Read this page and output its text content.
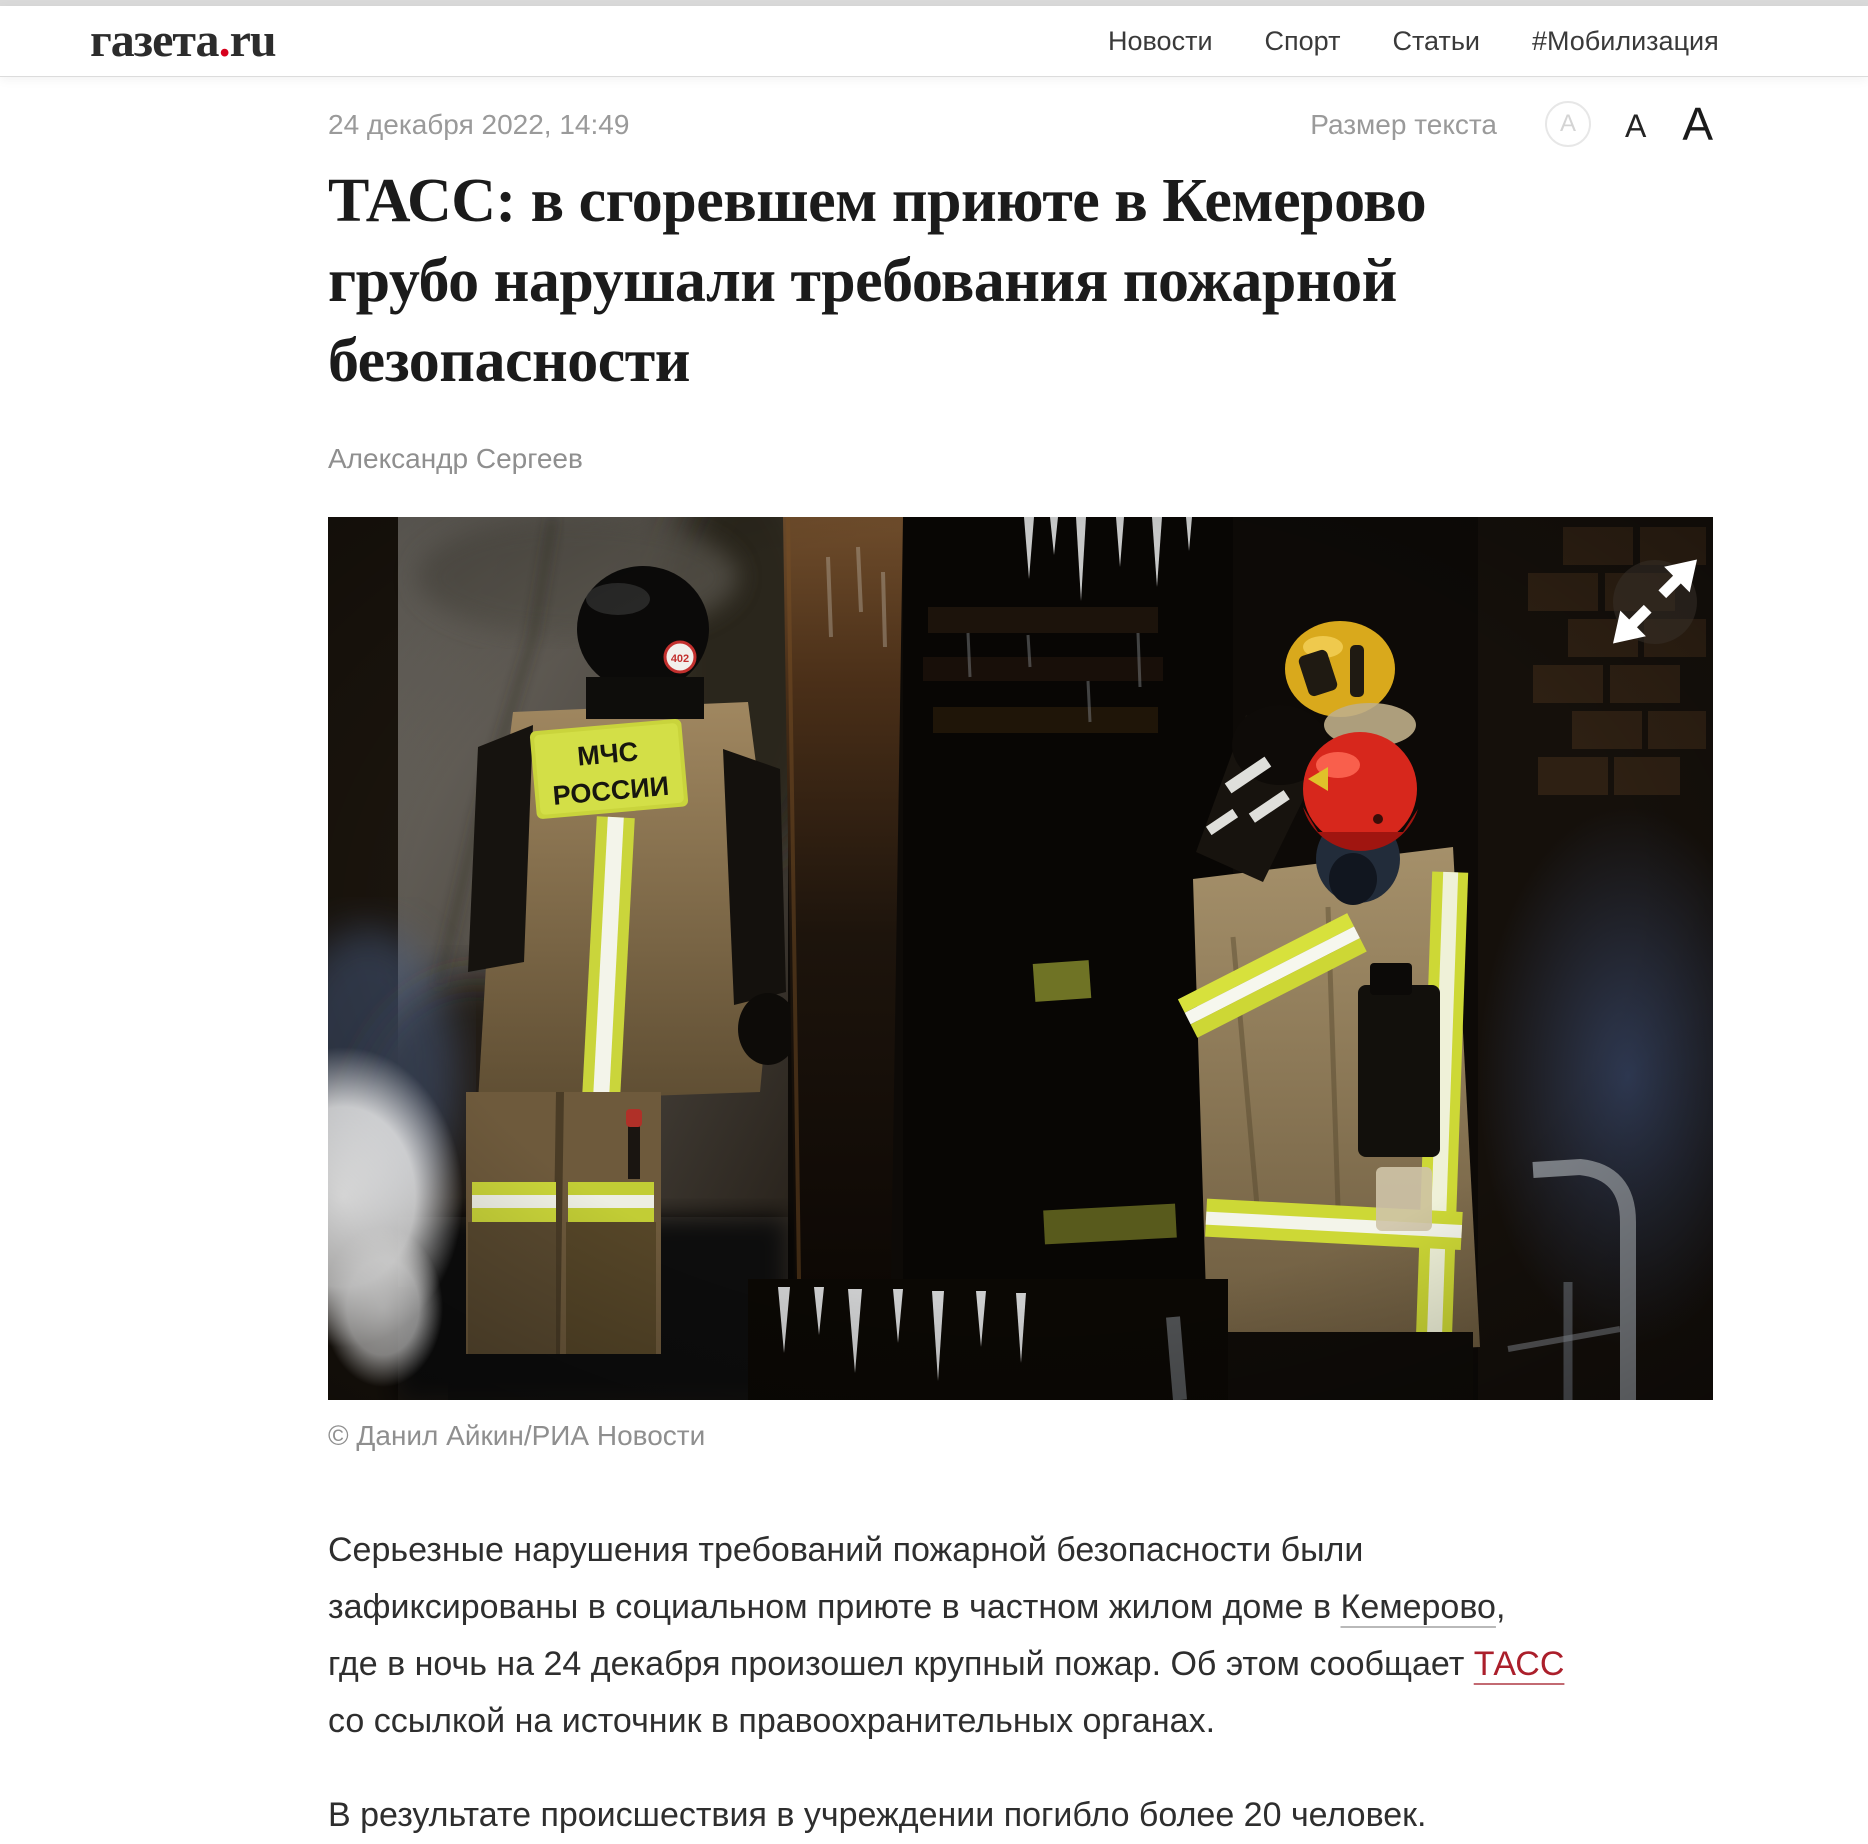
газета.ru	Новости Спорт Статьи #Мобилизация
24 декабря 2022, 14:49	Размер текста	A	A A
ТАСС: в сгоревшем приюте в Кемерово
грубо нарушали требования пожарной
безопасности
Александр Сергеев
© Данил Айкин/РИА Новости
Серьезные нарушения требований пожарной безопасности были
зафиксированы в социальном приюте в частном жилом доме в Кемерово,
где в ночь на 24 декабря произошел крупный пожар. Об этом сообщает ТАСС
со ссылкой на источник в правоохранительных органах.
В результате происшествия в учреждении погибло более 20 человек.
